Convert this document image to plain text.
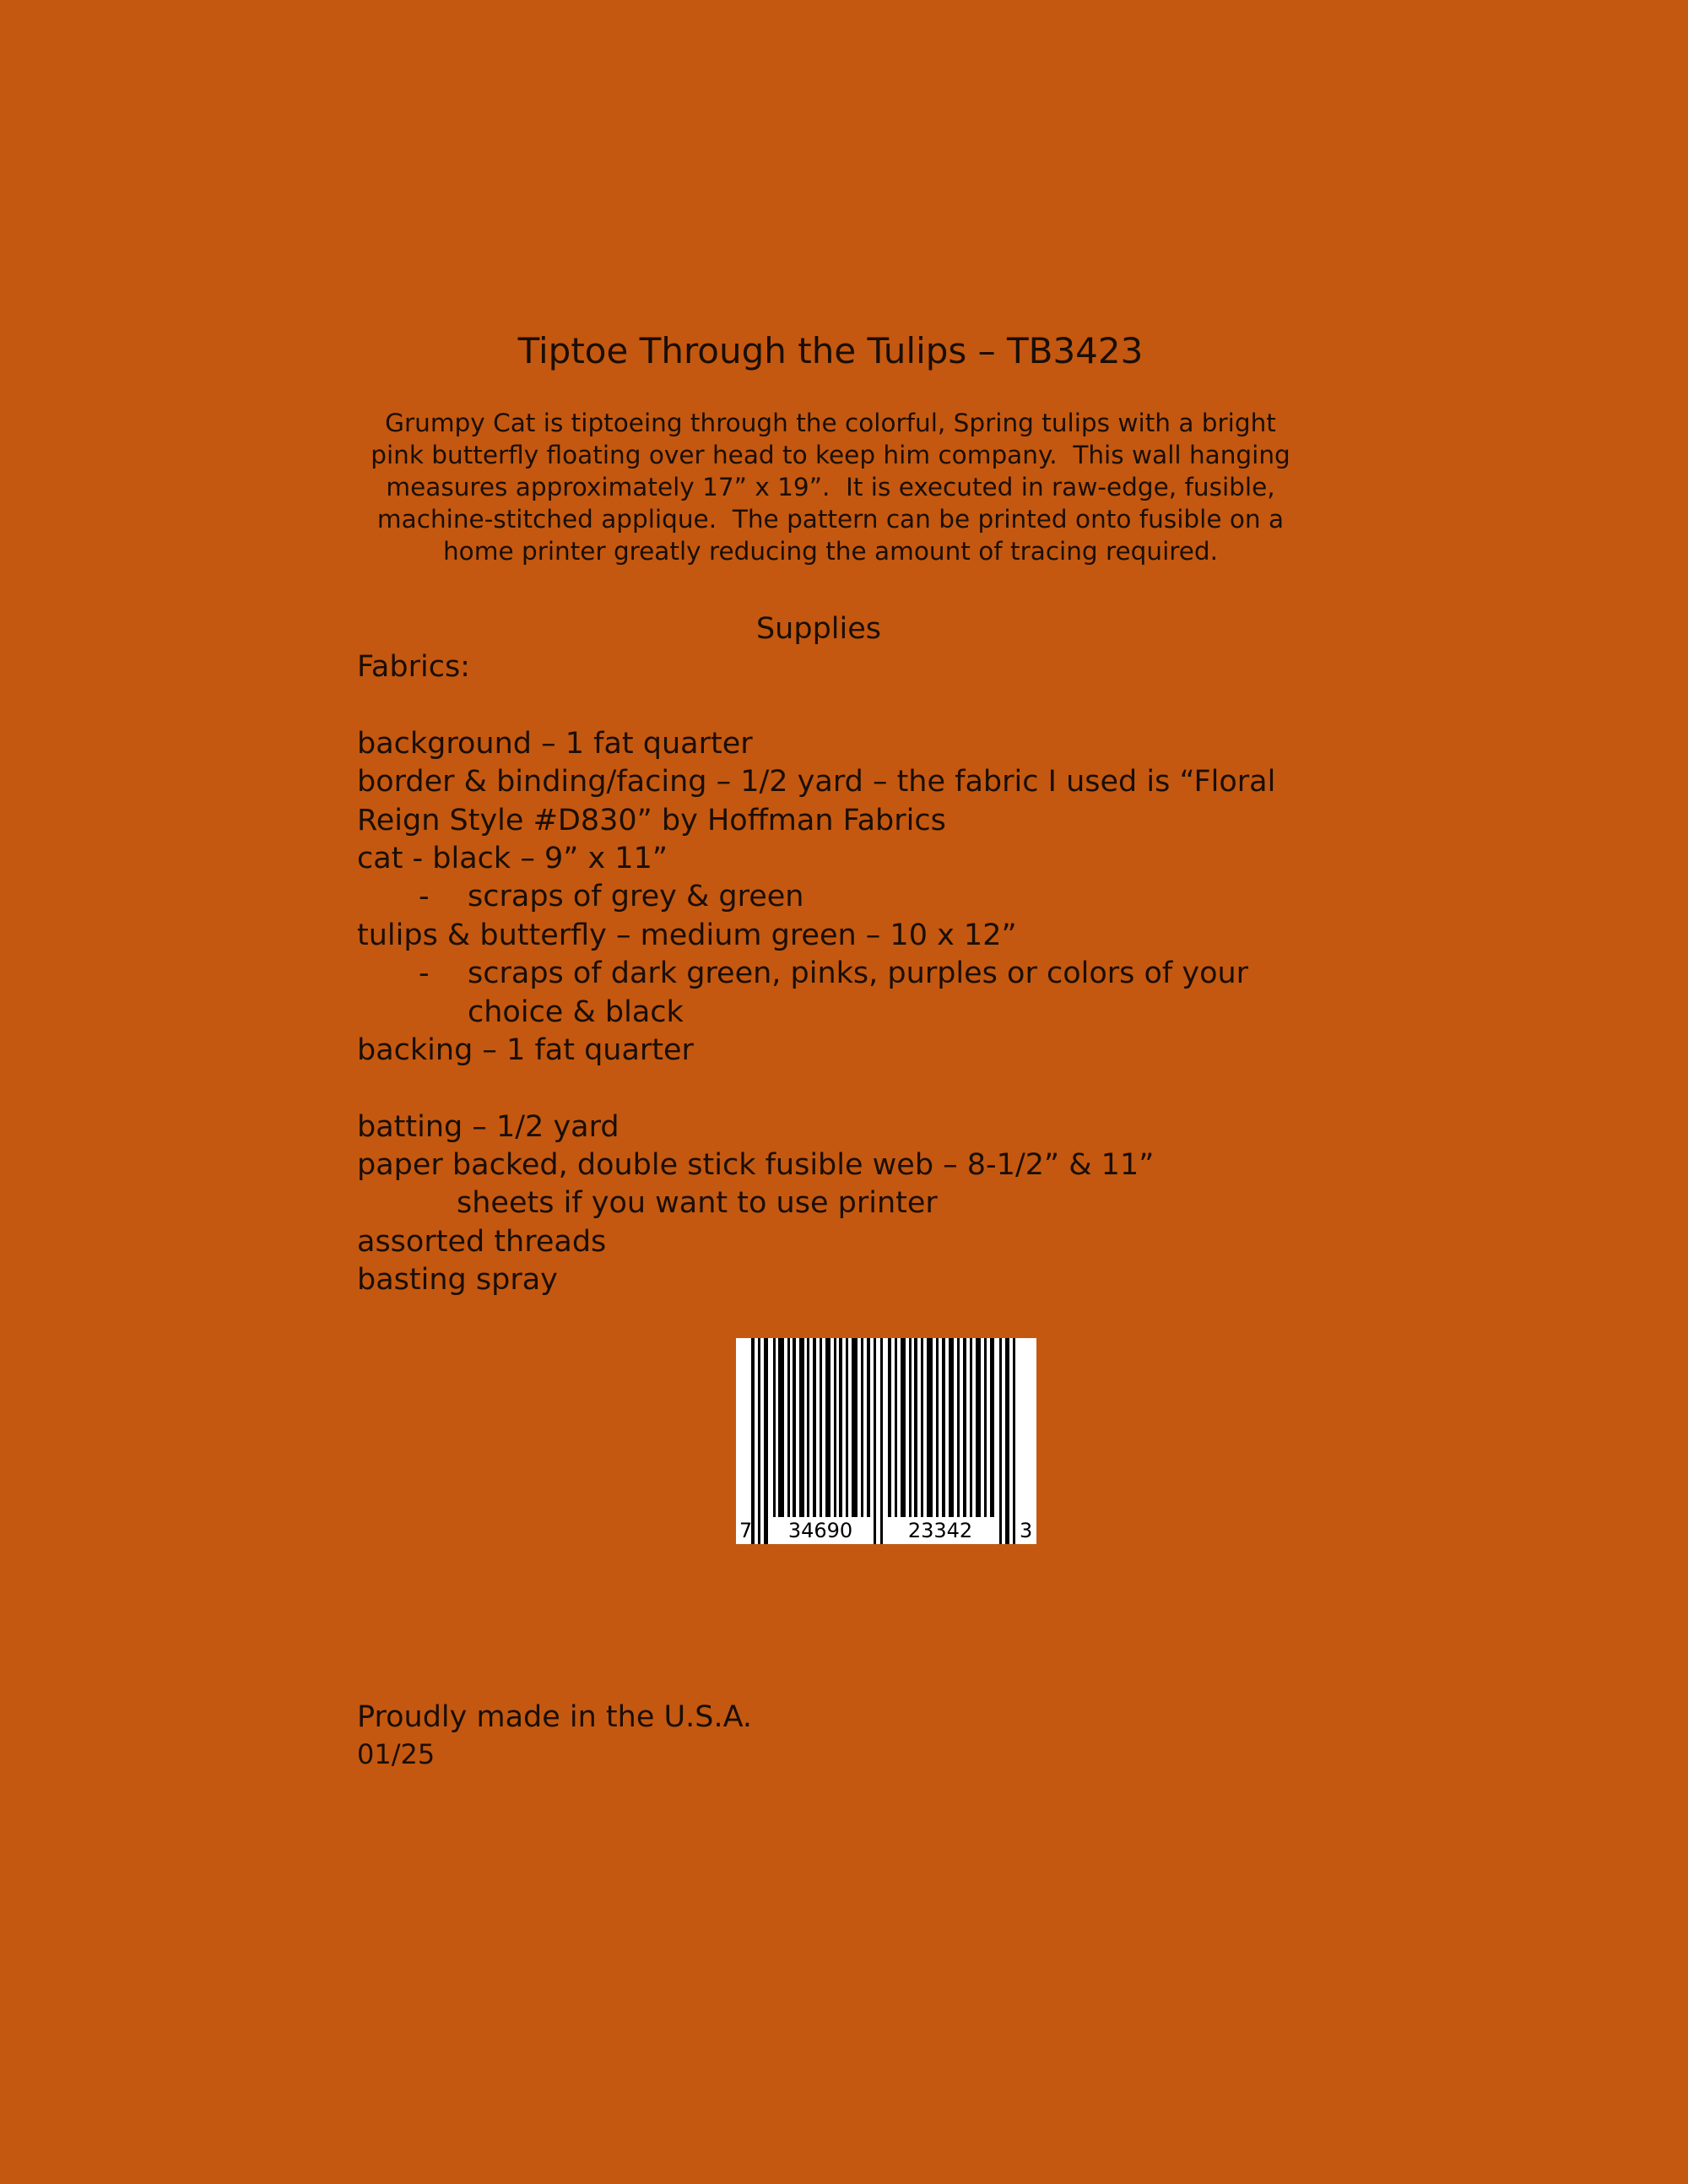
Tiptoe Through the Tulips – TB3423
Grumpy Cat is tiptoeing through the colorful, Spring tulips with a bright
pink butterfly floating over head to keep him company.  This wall hanging
measures approximately 17” x 19”.  It is executed in raw-edge, fusible,
machine-stitched applique.  The pattern can be printed onto fusible on a
home printer greatly reducing the amount of tracing required.
Supplies
Fabrics:
background – 1 fat quarter
border & binding/facing – 1/2 yard – the fabric I used is “Floral
Reign Style #D830” by Hoffman Fabrics
cat - black – 9” x 11”
- scraps of grey & green
tulips & butterfly – medium green – 10 x 12”
- scraps of dark green, pinks, purples or colors of your
choice & black
backing – 1 fat quarter
batting – 1/2 yard
paper backed, double stick fusible web – 8-1/2” & 11”
sheets if you want to use printer
assorted threads
basting spray
7 34690	23342 3
Proudly made in the U.S.A.
01/25
